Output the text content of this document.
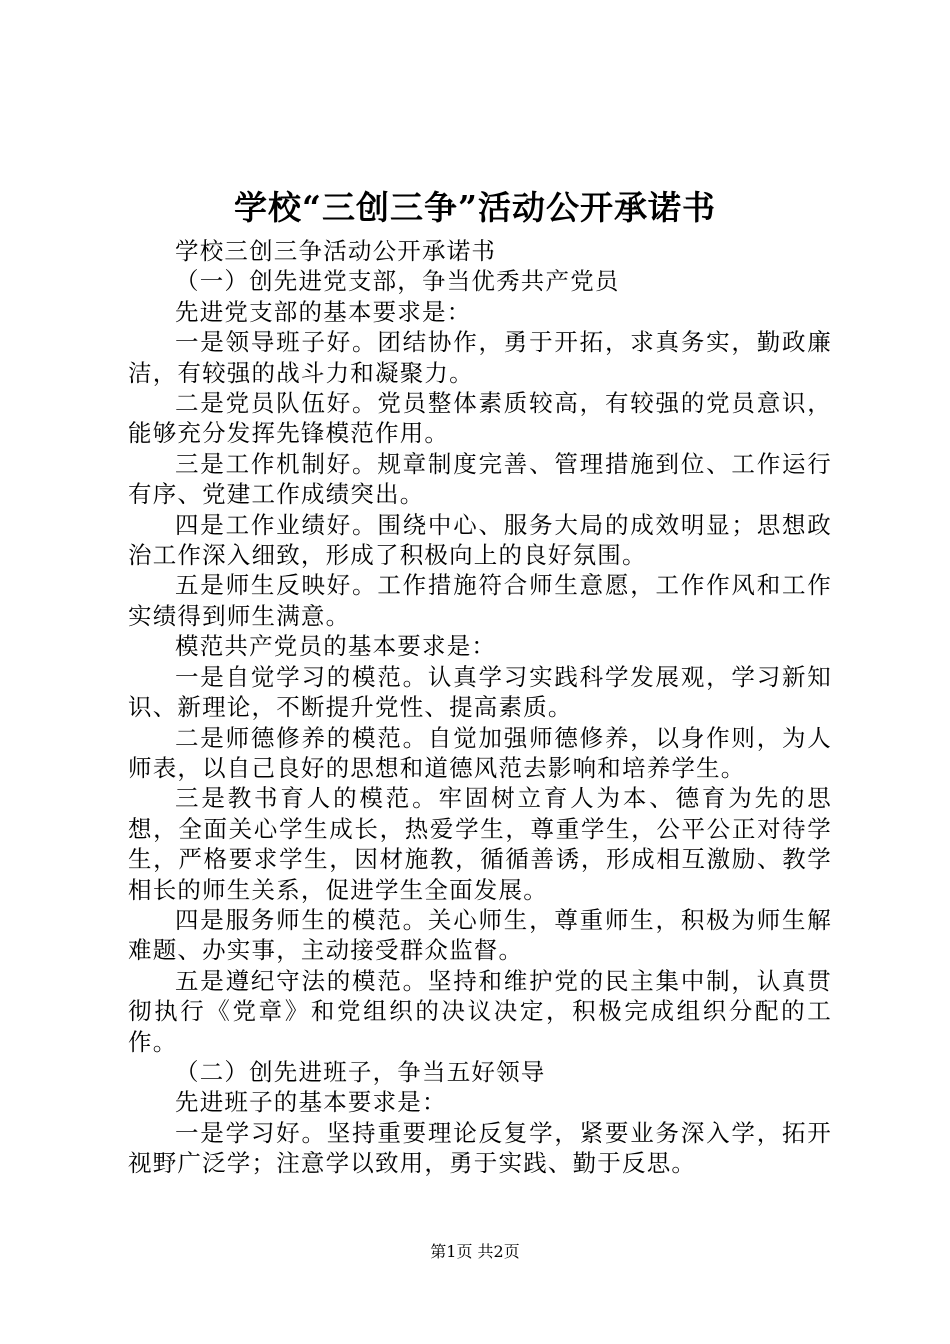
学校“三创三争”活动公开承诺书

学校三创三争活动公开承诺书

（一）创先进党支部，争当优秀共产党员

先进党支部的基本要求是：

一是领导班子好。团结协作，勇于开拓，求真务实，勤政廉洁，有较强的战斗力和凝聚力。

二是党员队伍好。党员整体素质较高，有较强的党员意识，能够充分发挥先锋模范作用。

三是工作机制好。规章制度完善、管理措施到位、工作运行有序、党建工作成绩突出。

四是工作业绩好。围绕中心、服务大局的成效明显；思想政治工作深入细致，形成了积极向上的良好氛围。

五是师生反映好。工作措施符合师生意愿，工作作风和工作实绩得到师生满意。

模范共产党员的基本要求是：

一是自觉学习的模范。认真学习实践科学发展观，学习新知识、新理论，不断提升党性、提高素质。

二是师德修养的模范。自觉加强师德修养，以身作则，为人师表，以自己良好的思想和道德风范去影响和培养学生。

三是教书育人的模范。牢固树立育人为本、德育为先的思想，全面关心学生成长，热爱学生，尊重学生，公平公正对待学生，严格要求学生，因材施教，循循善诱，形成相互激励、教学相长的师生关系，促进学生全面发展。

四是服务师生的模范。关心师生，尊重师生，积极为师生解难题、办实事，主动接受群众监督。

五是遵纪守法的模范。坚持和维护党的民主集中制，认真贯彻执行《党章》和党组织的决议决定，积极完成组织分配的工作。

（二）创先进班子，争当五好领导

先进班子的基本要求是：

一是学习好。坚持重要理论反复学，紧要业务深入学，拓开视野广泛学；注意学以致用，勇于实践、勤于反思。

第1页 共2页
